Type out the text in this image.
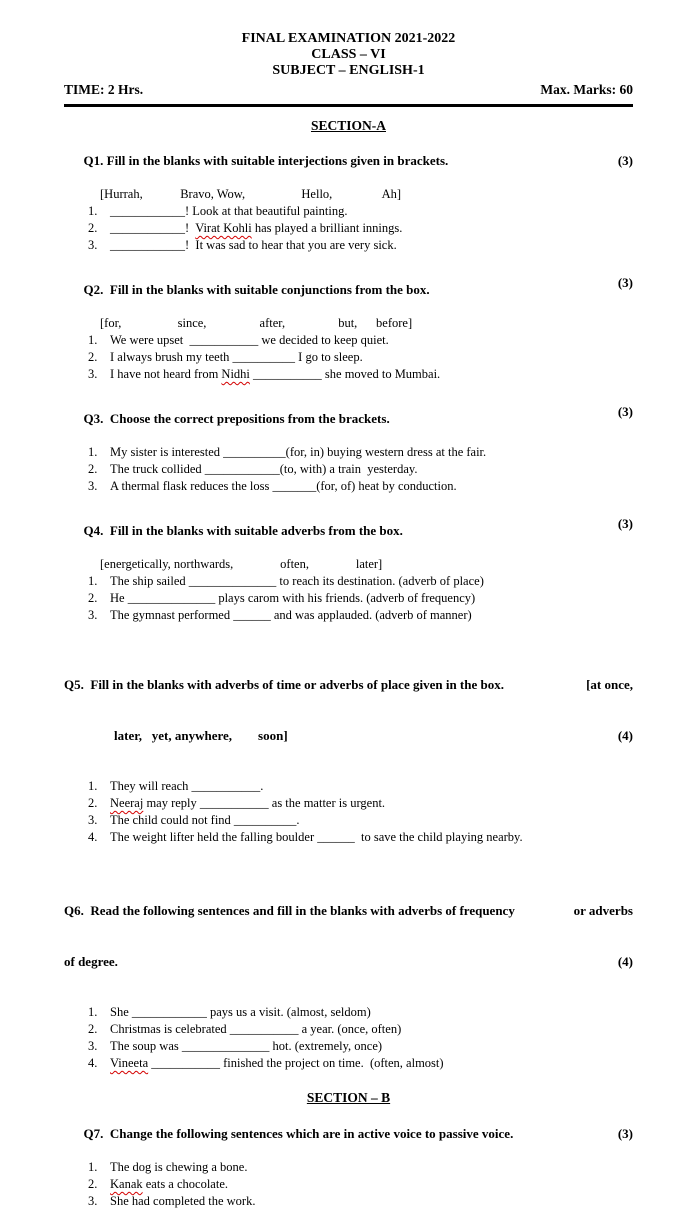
FINAL EXAMINATION 2021-2022
CLASS – VI
SUBJECT – ENGLISH-1
TIME: 2 Hrs.	Max. Marks: 60
SECTION-A

(3)
Q1. Fill in the blanks with suitable interjections given in brackets.

[Hurrah,            Bravo, Wow,                  Hello,                Ah]
1. ____________! Look at that beautiful painting.
2. ____________!  Virat Kohli has played a brilliant innings.
3. ____________!  It was sad to hear that you are very sick.

(3)
Q2.  Fill in the blanks with suitable conjunctions from the box.

[for,                  since,                 after,                 but,      before]
1. We were upset  ___________ we decided to keep quiet.
2. I always brush my teeth __________ I go to sleep.
3. I have not heard from Nidhi ___________ she moved to Mumbai.

(3)
Q3.  Choose the correct prepositions from the brackets.

1. My sister is interested __________(for, in) buying western dress at the fair.
2. The truck collided ____________(to, with) a train  yesterday.
3. A thermal flask reduces the loss _______(for, of) heat by conduction.

(3)
Q4.  Fill in the blanks with suitable adverbs from the box.

[energetically, northwards,               often,               later]
1. The ship sailed ______________ to reach its destination. (adverb of place)
2. He ______________ plays carom with his friends. (adverb of frequency)
3. The gymnast performed ______ and was applauded. (adverb of manner)

[at once,
Q5.  Fill in the blanks with adverbs of time or adverbs of place given in the box.

(4)
later,   yet, anywhere,        soon]

1. They will reach ___________.
2. Neeraj may reply ___________ as the matter is urgent.
3. The child could not find __________.
4. The weight lifter held the falling boulder ______  to save the child playing nearby.

or adverbs
Q6.  Read the following sentences and fill in the blanks with adverbs of frequency

(4)
of degree.

1. She ____________ pays us a visit. (almost, seldom)
2. Christmas is celebrated ___________ a year. (once, often)
3. The soup was ______________ hot. (extremely, once)
4. Vineeta ___________ finished the project on time.  (often, almost)
SECTION – B

(3)
Q7.  Change the following sentences which are in active voice to passive voice.

1. The dog is chewing a bone.
2. Kanak eats a chocolate.
3. She had completed the work.
